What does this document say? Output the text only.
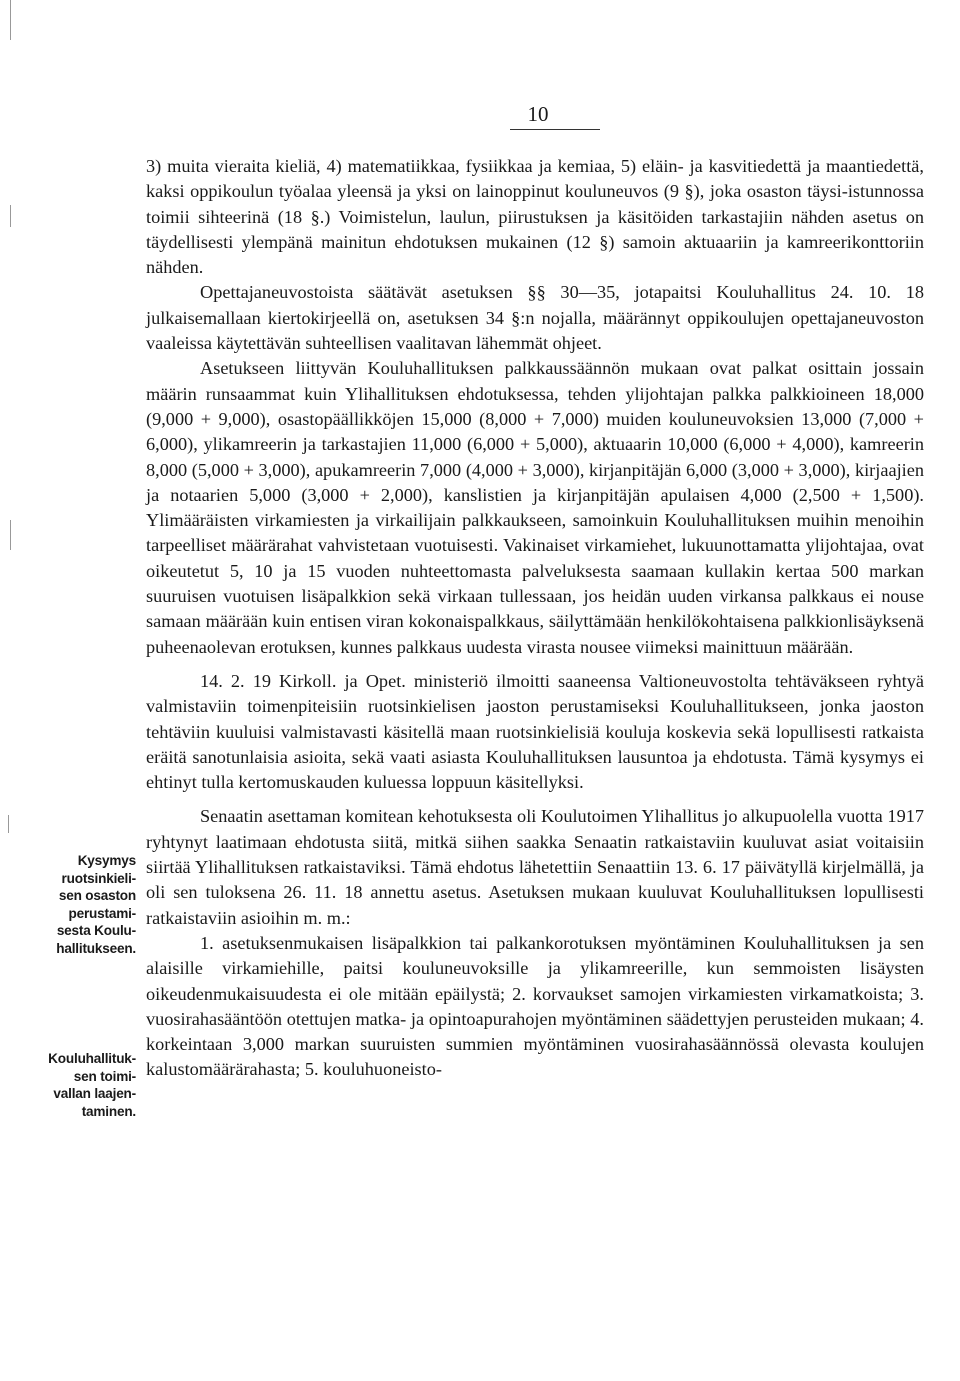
10
Kysymys
ruotsinkieli-
sen osaston
perustami-
sesta Koulu-
hallitukseen.
Kouluhallituk-
sen toimi-
vallan laajen-
taminen.

3) muita vieraita kieliä, 4) matematiikkaa, fysiikkaa ja kemiaa, 5) eläin- ja kasvitiedettä ja maantiedettä, kaksi oppikoulun työalaa yleensä ja yksi on lainoppinut kouluneuvos (9 §), joka osaston täysi-istunnossa toimii sihteerinä (18 §.) Voimistelun, laulun, piirustuksen ja käsitöiden tarkastajiin nähden asetus on täydellisesti ylempänä mainitun ehdotuksen mukainen (12 §) samoin aktuaariin ja kamreerikonttoriin nähden.

Opettajaneuvostoista säätävät asetuksen §§ 30—35, jotapaitsi Kouluhallitus 24. 10. 18 julkaisemallaan kiertokirjeellä on, asetuksen 34 §:n nojalla, määrännyt oppikoulujen opettajaneuvoston vaaleissa käytettävän suhteellisen vaalitavan lähemmät ohjeet.

Asetukseen liittyvän Kouluhallituksen palkkaussäännön mukaan ovat palkat osittain jossain määrin runsaammat kuin Ylihallituksen ehdotuksessa, tehden ylijohtajan palkka palkkioineen 18,000 (9,000 + 9,000), osastopäällikköjen 15,000 (8,000 + 7,000) muiden kouluneuvoksien 13,000 (7,000 + 6,000), ylikamreerin ja tarkastajien 11,000 (6,000 + 5,000), aktuaarin 10,000 (6,000 + 4,000), kamreerin 8,000 (5,000 + 3,000), apukamreerin 7,000 (4,000 + 3,000), kirjanpitäjän 6,000 (3,000 + 3,000), kirjaajien ja notaarien 5,000 (3,000 + 2,000), kanslistien ja kirjanpitäjän apulaisen 4,000 (2,500 + 1,500). Ylimääräisten virkamiesten ja virkailijain palkkaukseen, samoinkuin Kouluhallituksen muihin menoihin tarpeelliset määrärahat vahvistetaan vuotuisesti. Vakinaiset virkamiehet, lukuunottamatta ylijohtajaa, ovat oikeutetut 5, 10 ja 15 vuoden nuhteettomasta palveluksesta saamaan kullakin kertaa 500 markan suuruisen vuotuisen lisäpalkkion sekä virkaan tullessaan, jos heidän uuden virkansa palkkaus ei nouse samaan määrään kuin entisen viran kokonaispalkkaus, säilyttämään henkilökohtaisena palkkionlisäyksenä puheenaolevan erotuksen, kunnes palkkaus uudesta virasta nousee viimeksi mainittuun määrään.

14. 2. 19 Kirkoll. ja Opet. ministeriö ilmoitti saaneensa Valtioneuvostolta tehtäväkseen ryhtyä valmistaviin toimenpiteisiin ruotsinkielisen jaoston perustamiseksi Kouluhallitukseen, jonka jaoston tehtäviin kuuluisi valmistavasti käsitellä maan ruotsinkielisiä kouluja koskevia sekä lopullisesti ratkaista eräitä sanotunlaisia asioita, sekä vaati asiasta Kouluhallituksen lausuntoa ja ehdotusta. Tämä kysymys ei ehtinyt tulla kertomuskauden kuluessa loppuun käsitellyksi.

Senaatin asettaman komitean kehotuksesta oli Koulutoimen Ylihallitus jo alkupuolella vuotta 1917 ryhtynyt laatimaan ehdotusta siitä, mitkä siihen saakka Senaatin ratkaistaviin kuuluvat asiat voitaisiin siirtää Ylihallituksen ratkaistaviksi. Tämä ehdotus lähetettiin Senaattiin 13. 6. 17 päivätyllä kirjelmällä, ja oli sen tuloksena 26. 11. 18 annettu asetus. Asetuksen mukaan kuuluvat Kouluhallituksen lopullisesti ratkaistaviin asioihin m. m.:

1. asetuksenmukaisen lisäpalkkion tai palkankorotuksen myöntäminen Kouluhallituksen ja sen alaisille virkamiehille, paitsi kouluneuvoksille ja ylikamreerille, kun semmoisten lisäysten oikeudenmukaisuudesta ei ole mitään epäilystä; 2. korvaukset samojen virkamiesten virkamatkoista; 3. vuosirahasääntöön otettujen matka- ja opintoapurahojen myöntäminen säädettyjen perusteiden mukaan; 4. korkeintaan 3,000 markan suuruisten summien myöntäminen vuosirahasäännössä olevasta koulujen kalustomäärärahasta; 5. kouluhuoneisto-
